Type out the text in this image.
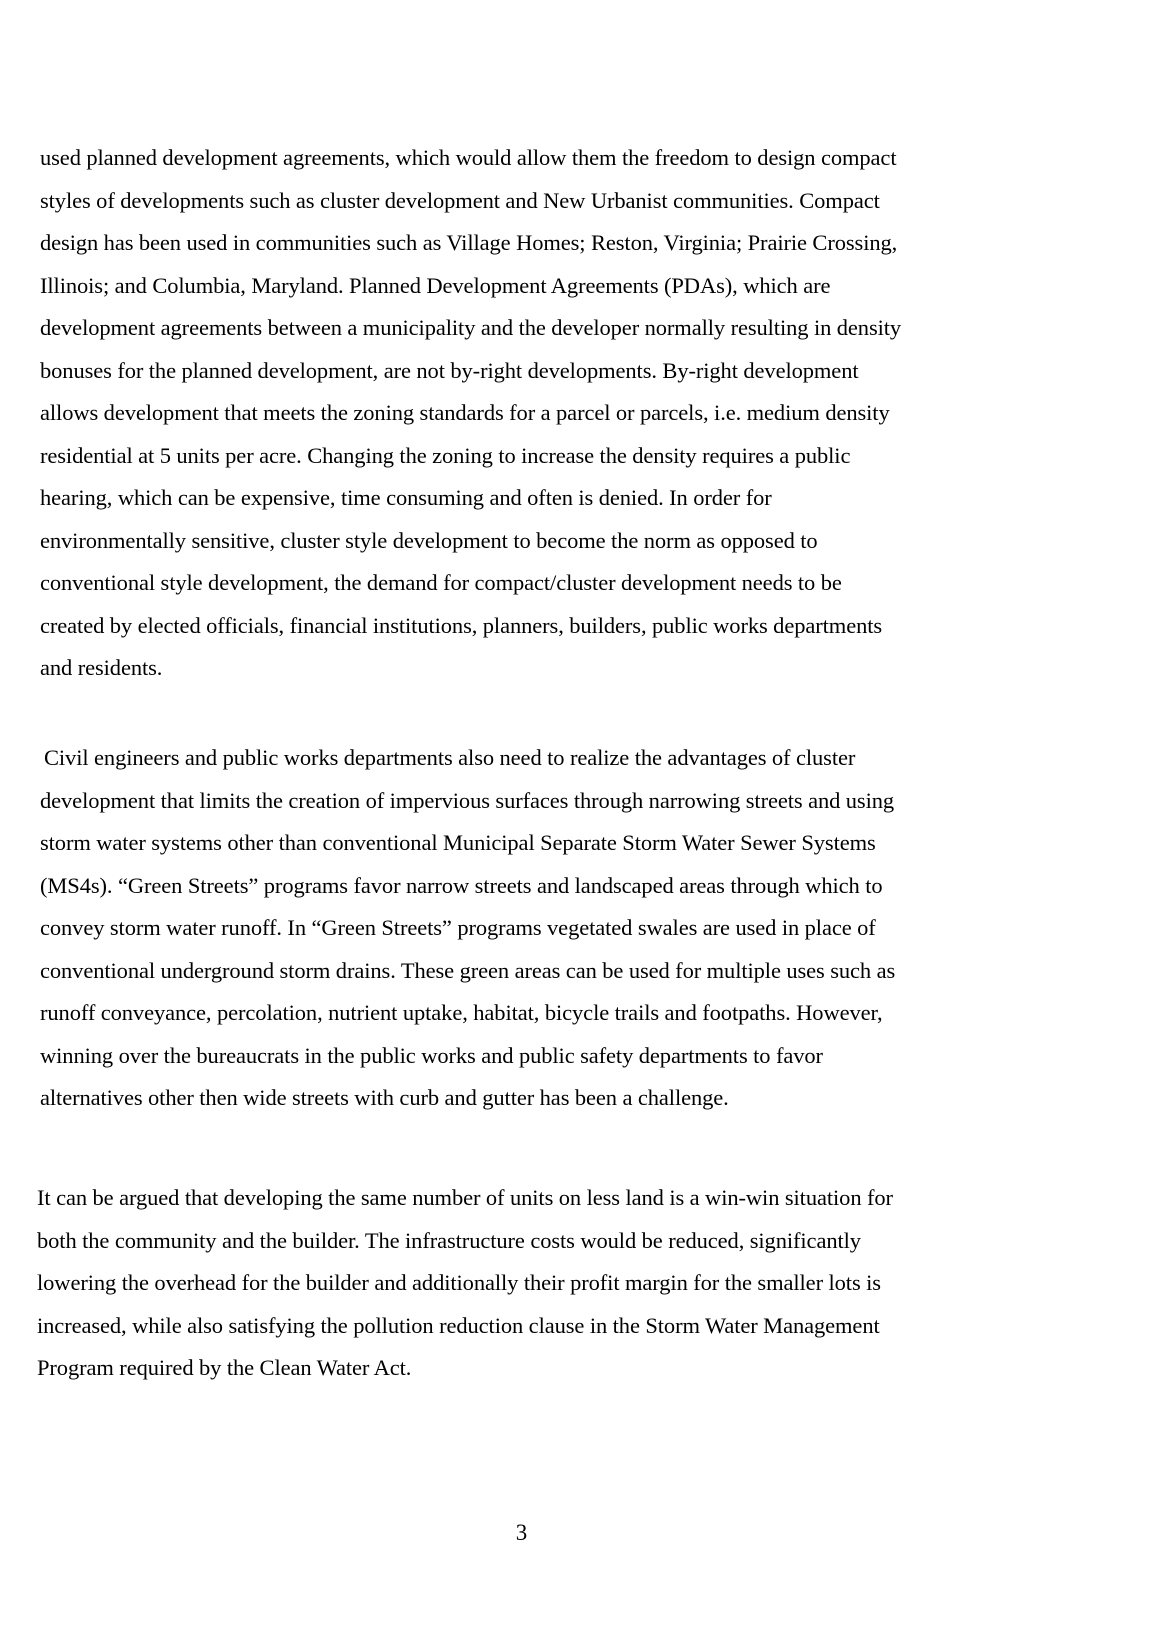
used planned development agreements, which would allow them the freedom to design compact
styles of developments such as cluster development and New Urbanist communities. Compact
design has been used in communities such as Village Homes; Reston, Virginia; Prairie Crossing,
Illinois; and Columbia, Maryland. Planned Development Agreements (PDAs), which are
development agreements between a municipality and the developer normally resulting in density
bonuses for the planned development, are not by-right developments. By-right development
allows development that meets the zoning standards for a parcel or parcels, i.e. medium density
residential at 5 units per acre. Changing the zoning to increase the density requires a public
hearing, which can be expensive, time consuming and often is denied. In order for
environmentally sensitive, cluster style development to become the norm as opposed to
conventional style development, the demand for compact/cluster development needs to be
created by elected officials, financial institutions, planners, builders, public works departments
and residents.

Civil engineers and public works departments also need to realize the advantages of cluster
development that limits the creation of impervious surfaces through narrowing streets and using
storm water systems other than conventional Municipal Separate Storm Water Sewer Systems
(MS4s). “Green Streets” programs favor narrow streets and landscaped areas through which to
convey storm water runoff. In “Green Streets” programs vegetated swales are used in place of
conventional underground storm drains. These green areas can be used for multiple uses such as
runoff conveyance, percolation, nutrient uptake, habitat, bicycle trails and footpaths. However,
winning over the bureaucrats in the public works and public safety departments to favor
alternatives other then wide streets with curb and gutter has been a challenge.

It can be argued that developing the same number of units on less land is a win-win situation for
both the community and the builder. The infrastructure costs would be reduced, significantly
lowering the overhead for the builder and additionally their profit margin for the smaller lots is
increased, while also satisfying the pollution reduction clause in the Storm Water Management
Program required by the Clean Water Act.

3
